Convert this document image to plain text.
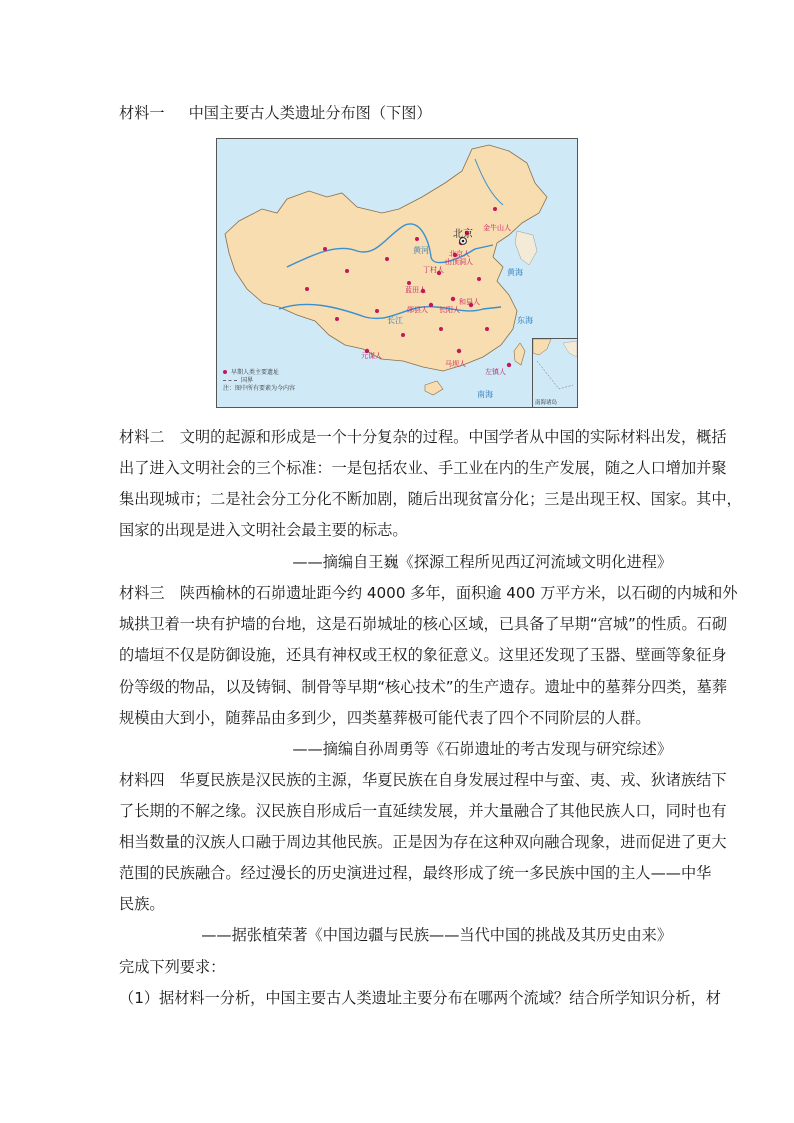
材料一 中国主要古人类遗址分布图（下图）
北京
金牛山人
北京人
山顶洞人
丁村人
蓝田人
郧县人
元谋人
长阳人
和县人
马坝人
左镇人
黄河
长江
黄海
东海
南海
早期人类主要遗址
国界
注：图中所有要素为今内容
南海诸岛
材料二　文明的起源和形成是一个十分复杂的过程。中国学者从中国的实际材料出发，概括
出了进入文明社会的三个标准：一是包括农业、手工业在内的生产发展，随之人口增加并聚
集出现城市；二是社会分工分化不断加剧，随后出现贫富分化；三是出现王权、国家。其中，
国家的出现是进入文明社会最主要的标志。
——摘编自王巍《探源工程所见西辽河流域文明化进程》
材料三　陕西榆林的石峁遗址距今约 4000 多年，面积逾 400 万平方米，以石砌的内城和外
城拱卫着一块有护墙的台地，这是石峁城址的核心区域，已具备了早期“宫城”的性质。石砌
的墙垣不仅是防御设施，还具有神权或王权的象征意义。这里还发现了玉器、壁画等象征身
份等级的物品，以及铸铜、制骨等早期“核心技术”的生产遗存。遗址中的墓葬分四类，墓葬
规模由大到小，随葬品由多到少，四类墓葬极可能代表了四个不同阶层的人群。
——摘编自孙周勇等《石峁遗址的考古发现与研究综述》
材料四　华夏民族是汉民族的主源，华夏民族在自身发展过程中与蛮、夷、戎、狄诸族结下
了长期的不解之缘。汉民族自形成后一直延续发展，并大量融合了其他民族人口，同时也有
相当数量的汉族人口融于周边其他民族。正是因为存在这种双向融合现象，进而促进了更大
范围的民族融合。经过漫长的历史演进过程，最终形成了统一多民族中国的主人——中华
民族。
——据张植荣著《中国边疆与民族——当代中国的挑战及其历史由来》
完成下列要求：
（1）据材料一分析，中国主要古人类遗址主要分布在哪两个流域？结合所学知识分析，材
